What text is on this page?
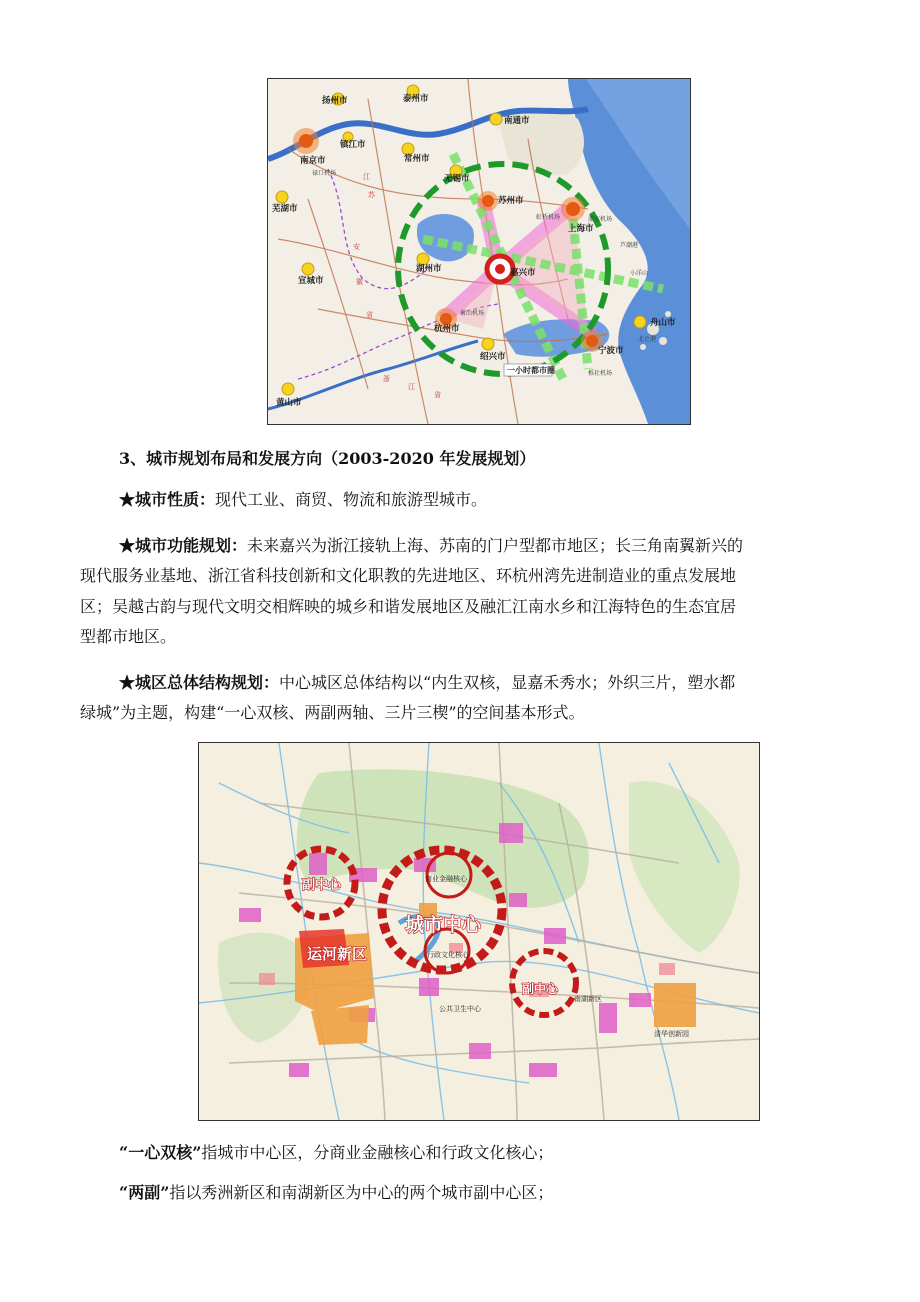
扬州市	泰州市
南通市
南京市
镇江市
常州市
无锡市
苏州市
上海市
芜湖市
宣城市
湖州市	嘉兴市
杭州市
绍兴市
宁波市
舟山市
黄山市
禄口机场
虹桥机场	浦东机场
萧山机场
栎社机场
芦潮港
小洋山
北仑港
江
苏
安
徽
省
浙
江
省
一小时都市圈

3、城市规划布局和发展方向（2003-2020 年发展规划）

★城市性质：现代工业、商贸、物流和旅游型城市。

★城市功能规划：未来嘉兴为浙江接轨上海、苏南的门户型都市地区；长三角南翼新兴的

现代服务业基地、浙江省科技创新和文化职教的先进地区、环杭州湾先进制造业的重点发展地

区；吴越古韵与现代文明交相辉映的城乡和谐发展地区及融汇江南水乡和江海特色的生态宜居

型都市地区。

★城区总体结构规划：中心城区总体结构以“内生双核，显嘉禾秀水；外织三片，塑水都

绿城”为主题，构建“一心双核、两副两轴、三片三楔”的空间基本形式。

副中心
城市中心
运河新区
副中心
商业金融核心
行政文化核心
公共卫生中心
南湖新区
清华创新园

“一心双核”指城市中心区，分商业金融核心和行政文化核心；

“两副”指以秀洲新区和南湖新区为中心的两个城市副中心区；
